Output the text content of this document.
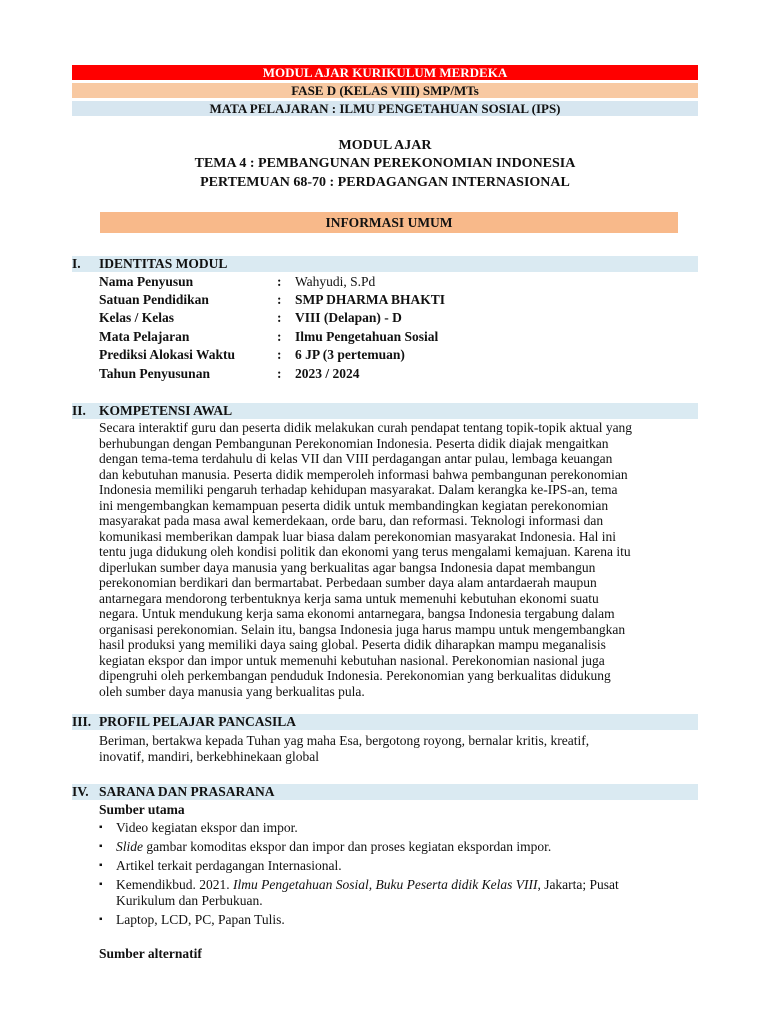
MODUL AJAR KURIKULUM MERDEKA
FASE D (KELAS VIII) SMP/MTs
MATA PELAJARAN : ILMU PENGETAHUAN SOSIAL (IPS)
MODUL AJAR
TEMA 4 : PEMBANGUNAN PEREKONOMIAN INDONESIA
PERTEMUAN 68-70 : PERDAGANGAN INTERNASIONAL
INFORMASI UMUM
I. IDENTITAS MODUL
Nama Penyusun	: Wahyudi, S.Pd
Satuan Pendidikan	: SMP DHARMA BHAKTI
Kelas / Kelas	: VIII (Delapan) - D
Mata Pelajaran	: Ilmu Pengetahuan Sosial
Prediksi Alokasi Waktu	: 6 JP (3 pertemuan)
Tahun Penyusunan	: 2023 / 2024
II. KOMPETENSI AWAL

Secara interaktif guru dan peserta didik melakukan curah pendapat tentang topik-topik aktual yang

berhubungan dengan Pembangunan Perekonomian Indonesia. Peserta didik diajak mengaitkan

dengan tema-tema terdahulu di kelas VII dan VIII perdagangan antar pulau, lembaga keuangan

dan kebutuhan manusia. Peserta didik memperoleh informasi bahwa pembangunan perekonomian

Indonesia memiliki pengaruh terhadap kehidupan masyarakat. Dalam kerangka ke-IPS-an, tema

ini mengembangkan kemampuan peserta didik untuk membandingkan kegiatan perekonomian

masyarakat pada masa awal kemerdekaan, orde baru, dan reformasi. Teknologi informasi dan

komunikasi memberikan dampak luar biasa dalam perekonomian masyarakat Indonesia. Hal ini

tentu juga didukung oleh kondisi politik dan ekonomi yang terus mengalami kemajuan. Karena itu

diperlukan sumber daya manusia yang berkualitas agar bangsa Indonesia dapat membangun

perekonomian berdikari dan bermartabat. Perbedaan sumber daya alam antardaerah maupun

antarnegara mendorong terbentuknya kerja sama untuk memenuhi kebutuhan ekonomi suatu

negara. Untuk mendukung kerja sama ekonomi antarnegara, bangsa Indonesia tergabung dalam

organisasi perekonomian. Selain itu, bangsa Indonesia juga harus mampu untuk mengembangkan

hasil produksi yang memiliki daya saing global. Peserta didik diharapkan mampu meganalisis

kegiatan ekspor dan impor untuk memenuhi kebutuhan nasional. Perekonomian nasional juga

dipengruhi oleh perkembangan penduduk Indonesia. Perekonomian yang berkualitas didukung

oleh sumber daya manusia yang berkualitas pula.

III. PROFIL PELAJAR PANCASILA

Beriman, bertakwa kepada Tuhan yag maha Esa, bergotong royong, bernalar kritis, kreatif,

inovatif, mandiri, berkebhinekaan global

IV. SARANA DAN PRASARANA
Sumber utama
▪ Video kegiatan ekspor dan impor.

▪ Slide gambar komoditas ekspor dan impor dan proses kegiatan ekspordan impor.

▪ Artikel terkait perdagangan Internasional.

▪ Kemendikbud. 2021. Ilmu Pengetahuan Sosial, Buku Peserta didik Kelas VIII, Jakarta; Pusat

Kurikulum dan Perbukuan.

▪ Laptop, LCD, PC, Papan Tulis.

Sumber alternatif
